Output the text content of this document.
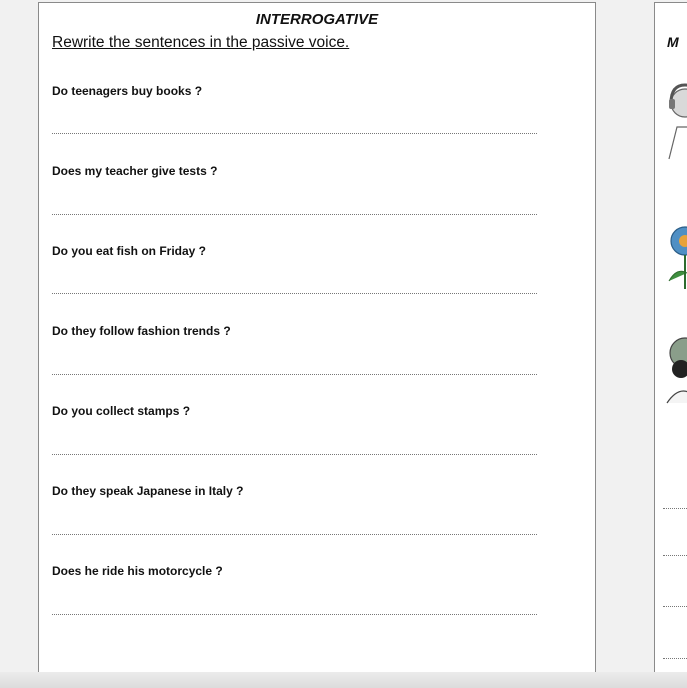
INTERROGATIVE
Rewrite the sentences in the passive voice.
Do teenagers buy books ?
Does my teacher give tests ?
Do you eat fish on Friday ?
Do they follow fashion trends ?
Do you collect stamps ?
Do they speak Japanese in Italy ?
Does he ride his motorcycle ?
M
